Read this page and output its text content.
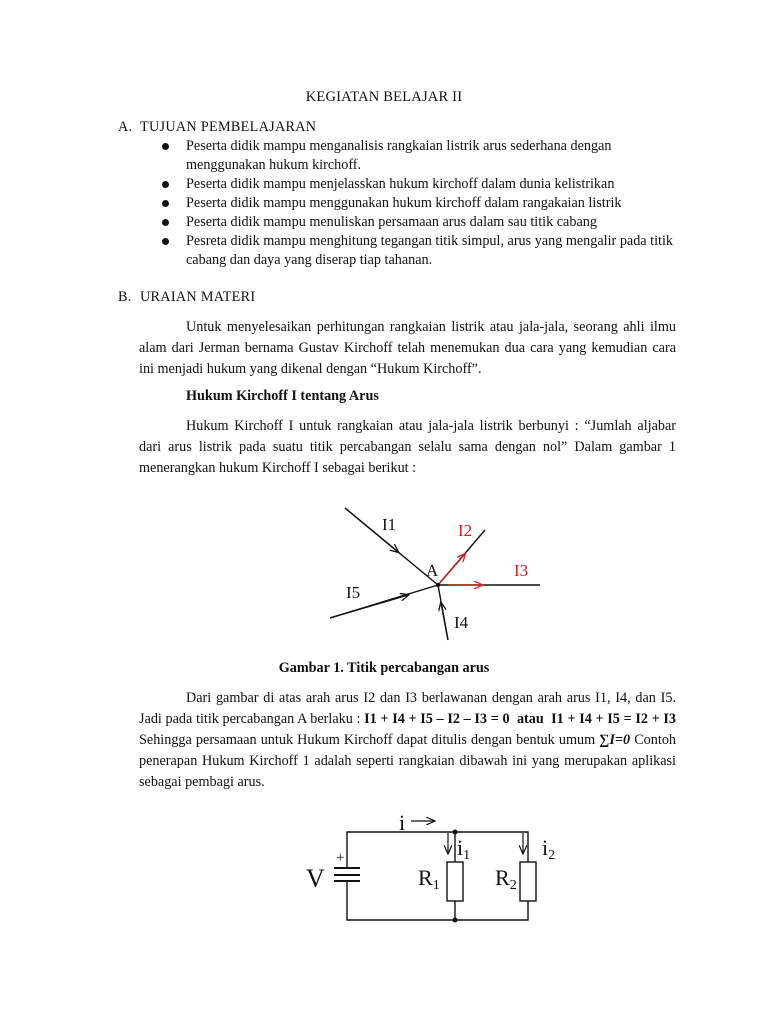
KEGIATAN BELAJAR II
A. TUJUAN PEMBELAJARAN
Peserta didik mampu menganalisis rangkaian listrik arus sederhana dengan menggunakan hukum kirchoff.
Peserta didik mampu menjelasskan hukum kirchoff dalam dunia kelistrikan
Peserta didik mampu menggunakan hukum kirchoff dalam rangakaian listrik
Peserta didik mampu menuliskan persamaan arus dalam sau titik cabang
Pesreta didik mampu menghitung tegangan titik simpul, arus yang mengalir pada titik cabang dan daya yang diserap tiap tahanan.
B. URAIAN MATERI

Untuk menyelesaikan perhitungan rangkaian listrik atau jala-jala, seorang ahli ilmu alam dari Jerman bernama Gustav Kirchoff telah menemukan dua cara yang kemudian cara ini menjadi hukum yang dikenal dengan “Hukum Kirchoff”.

Hukum Kirchoff I tentang Arus

Hukum Kirchoff I untuk rangkaian atau jala-jala listrik berbunyi : “Jumlah aljabar dari arus listrik pada suatu titik percabangan selalu sama dengan nol” Dalam gambar 1 menerangkan hukum Kirchoff I sebagai berikut :

I1	I2
I3
I4
I5
A
Gambar 1. Titik percabangan arus

Dari gambar di atas arah arus I2 dan I3 berlawanan dengan arah arus I1, I4, dan I5. Jadi pada titik percabangan A berlaku : I1 + I4 + I5 – I2 – I3 = 0 atau I1 + I4 + I5 = I2 + I3 Sehingga persamaan untuk Hukum Kirchoff dapat ditulis dengan bentuk umum ∑I=0 Contoh penerapan Hukum Kirchoff 1 adalah seperti rangkaian dibawah ini yang merupakan aplikasi sebagai pembagi arus.

+
V
i
i1	i2
R1	R2
